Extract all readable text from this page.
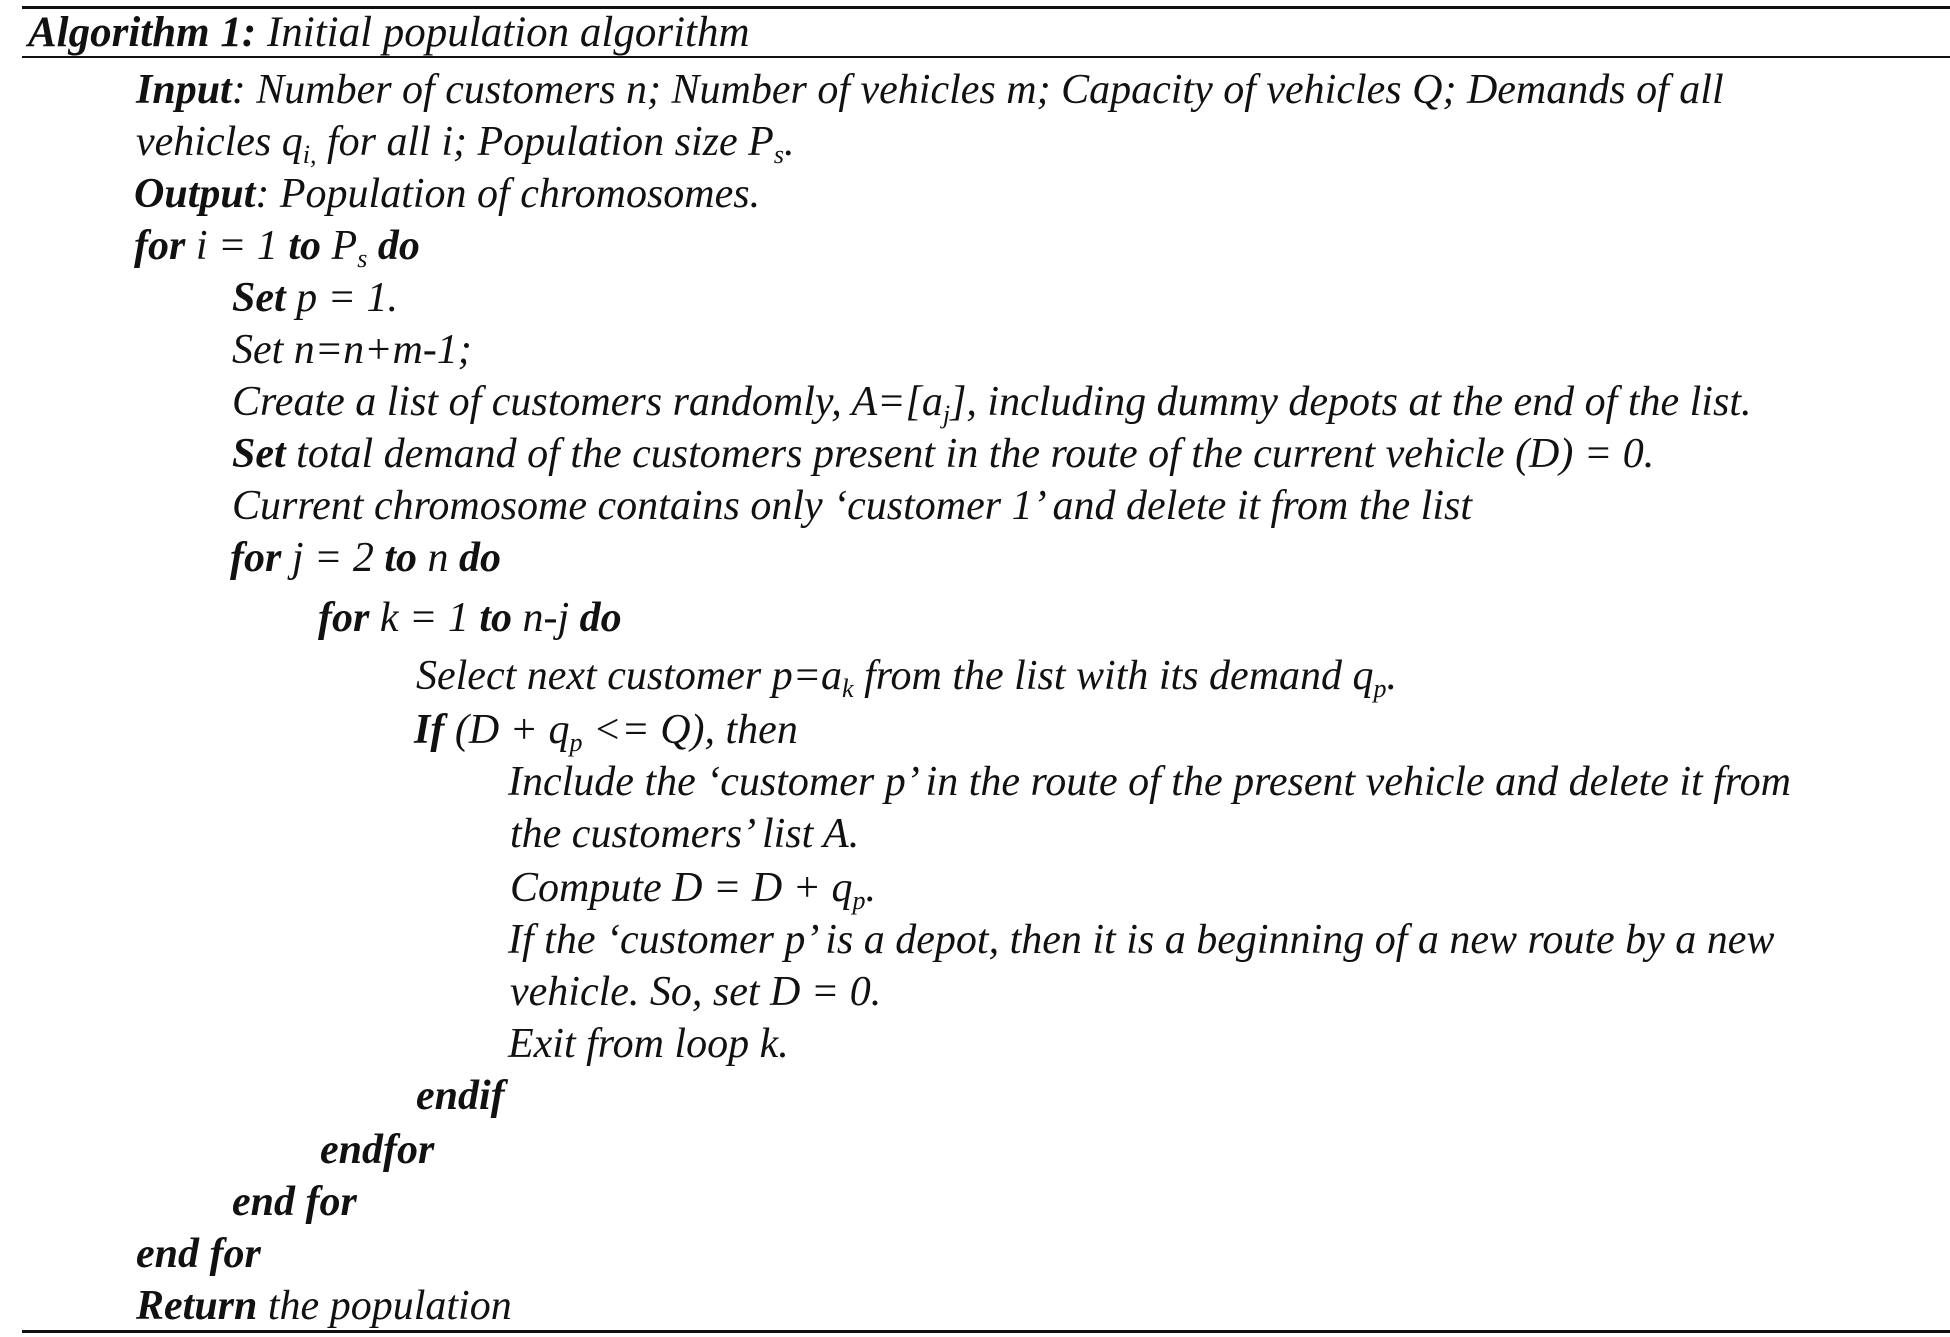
Algorithm 1: Initial population algorithm
Input: Number of customers n; Number of vehicles m; Capacity of vehicles Q; Demands of all
vehicles $q_{i,}$ for all i; Population size $P_s$.
Output: Population of chromosomes.
for i = 1 to $P_s$ do
Set p = 1.
Set n=n+m-1;
Create a list of customers randomly, $A=[a_j]$, including dummy depots at the end of the list.
Set total demand of the customers present in the route of the current vehicle (D) = 0.
Current chromosome contains only ‘customer 1’ and delete it from the list
for j = 2 to n do
for k = 1 to n-j do
Select next customer $p=a_k$ from the list with its demand $q_p$.
If $(D + q_p <= Q)$, then
Include the ‘customer p’ in the route of the present vehicle and delete it from
the customers’ list A.
Compute $D = D + q_p$.
If the ‘customer p’ is a depot, then it is a beginning of a new route by a new
vehicle. So, set D = 0.
Exit from loop k.
endif
endfor
end for
end for
Return the population
